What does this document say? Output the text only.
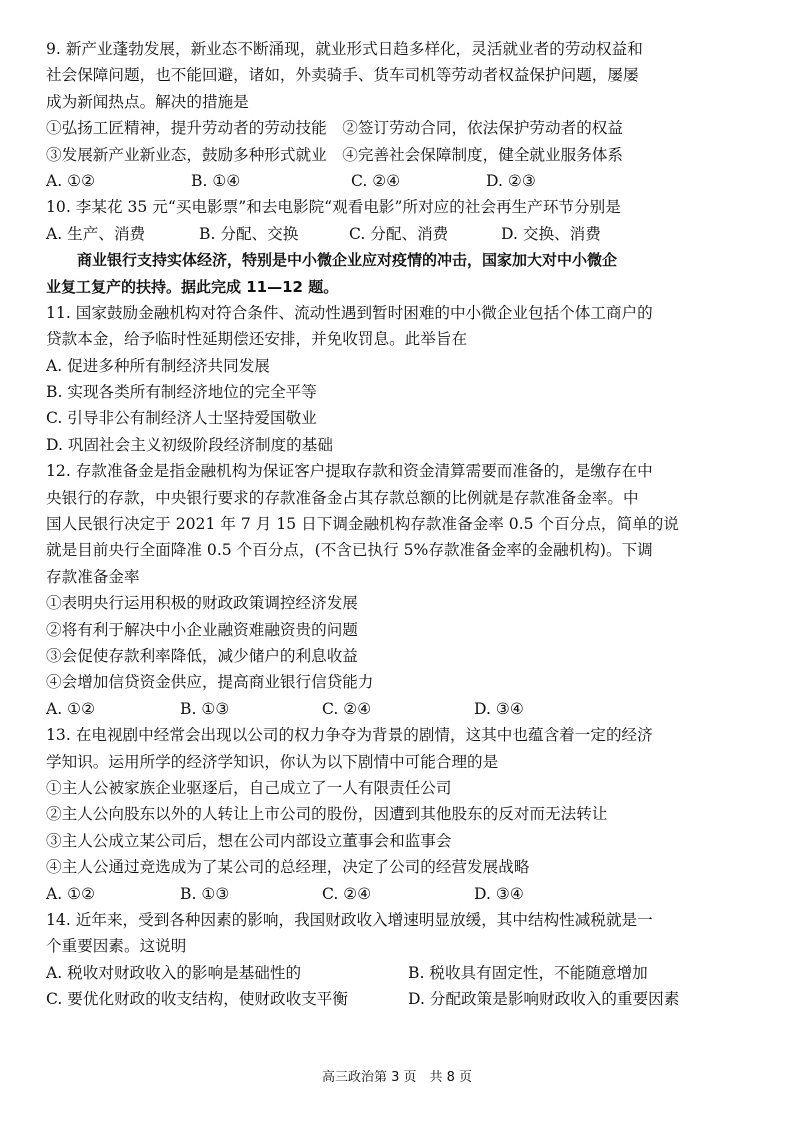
9. 新产业蓬勃发展，新业态不断涌现，就业形式日趋多样化，灵活就业者的劳动权益和
社会保障问题，也不能回避，诸如，外卖骑手、货车司机等劳动者权益保护问题，屡屡
成为新闻热点。解决的措施是
①弘扬工匠精神，提升劳动者的劳动技能　②签订劳动合同，依法保护劳动者的权益
③发展新产业新业态，鼓励多种形式就业　④完善社会保障制度，健全就业服务体系
A. ①②	B. ①④	C. ②④	D. ②③
10. 李某花 35 元“买电影票”和去电影院“观看电影”所对应的社会再生产环节分别是
A. 生产、消费	B. 分配、交换	C. 分配、消费	D. 交换、消费
商业银行支持实体经济，特别是中小微企业应对疫情的冲击，国家加大对中小微企
业复工复产的扶持。据此完成 11—12 题。
11. 国家鼓励金融机构对符合条件、流动性遇到暂时困难的中小微企业包括个体工商户的
贷款本金，给予临时性延期偿还安排，并免收罚息。此举旨在
A. 促进多种所有制经济共同发展
B. 实现各类所有制经济地位的完全平等
C. 引导非公有制经济人士坚持爱国敬业
D. 巩固社会主义初级阶段经济制度的基础
12. 存款准备金是指金融机构为保证客户提取存款和资金清算需要而准备的，是缴存在中
央银行的存款，中央银行要求的存款准备金占其存款总额的比例就是存款准备金率。中
国人民银行决定于 2021 年 7 月 15 日下调金融机构存款准备金率 0.5 个百分点，简单的说
就是目前央行全面降准 0.5 个百分点，(不含已执行 5%存款准备金率的金融机构)。下调
存款准备金率
①表明央行运用积极的财政政策调控经济发展
②将有利于解决中小企业融资难融资贵的问题
③会促使存款利率降低，减少储户的利息收益
④会增加信贷资金供应，提高商业银行信贷能力
A. ①②	B. ①③	C. ②④	D. ③④
13. 在电视剧中经常会出现以公司的权力争夺为背景的剧情，这其中也蕴含着一定的经济
学知识。运用所学的经济学知识，你认为以下剧情中可能合理的是
①主人公被家族企业驱逐后，自己成立了一人有限责任公司
②主人公向股东以外的人转让上市公司的股份，因遭到其他股东的反对而无法转让
③主人公成立某公司后，想在公司内部设立董事会和监事会
④主人公通过竞选成为了某公司的总经理，决定了公司的经营发展战略
A. ①②	B. ①③	C. ②④	D. ③④
14. 近年来，受到各种因素的影响，我国财政收入增速明显放缓，其中结构性减税就是一
个重要因素。这说明
A. 税收对财政收入的影响是基础性的	B. 税收具有固定性，不能随意增加
C. 要优化财政的收支结构，使财政收支平衡	D. 分配政策是影响财政收入的重要因素
高三政治第 3 页　共 8 页
